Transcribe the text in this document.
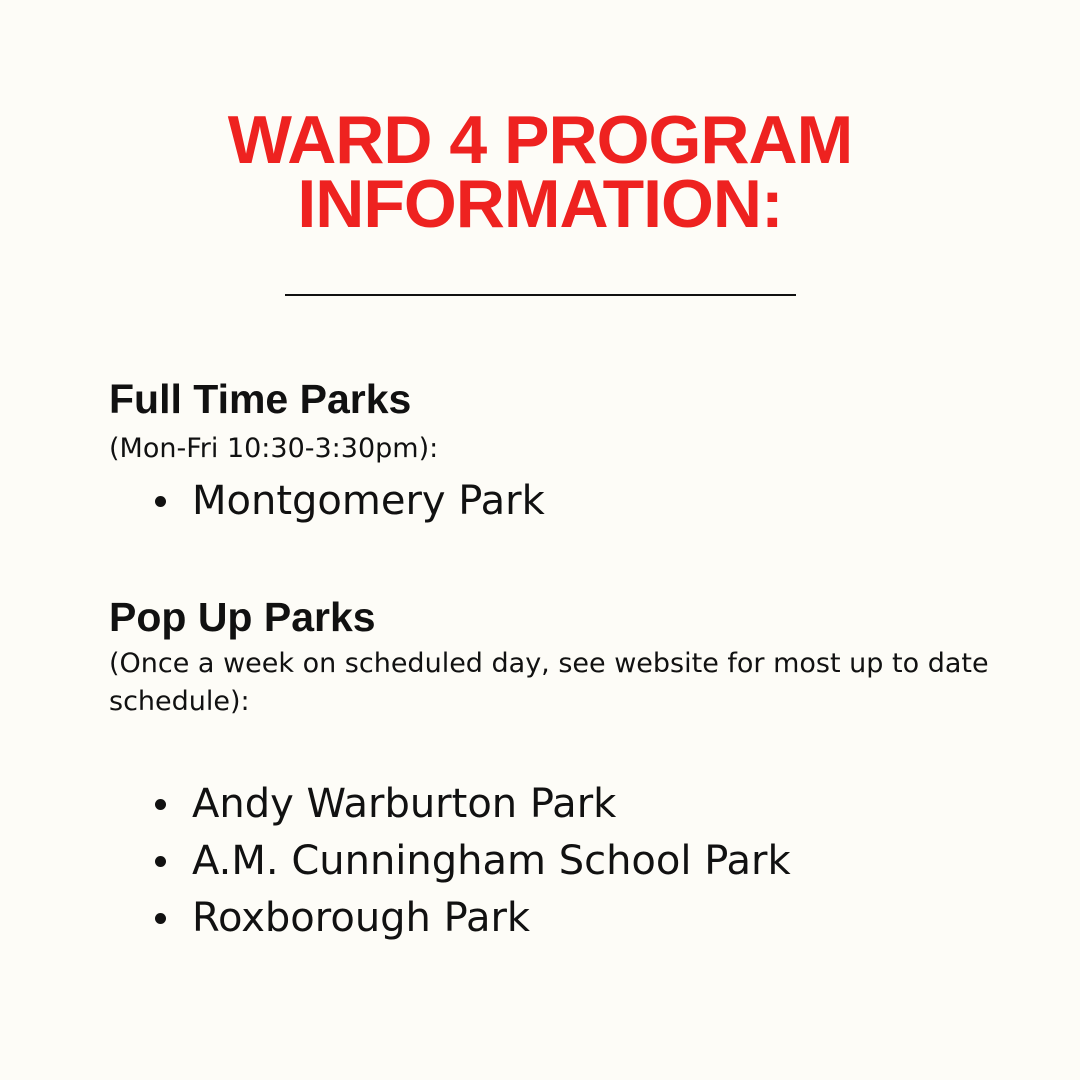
WARD 4 PROGRAM
INFORMATION:
Full Time Parks

(Mon-Fri 10:30-3:30pm):

Montgomery Park
Pop Up Parks

(Once a week on scheduled day, see website for most up to date schedule):

Andy Warburton Park
A.M. Cunningham School Park
Roxborough Park
